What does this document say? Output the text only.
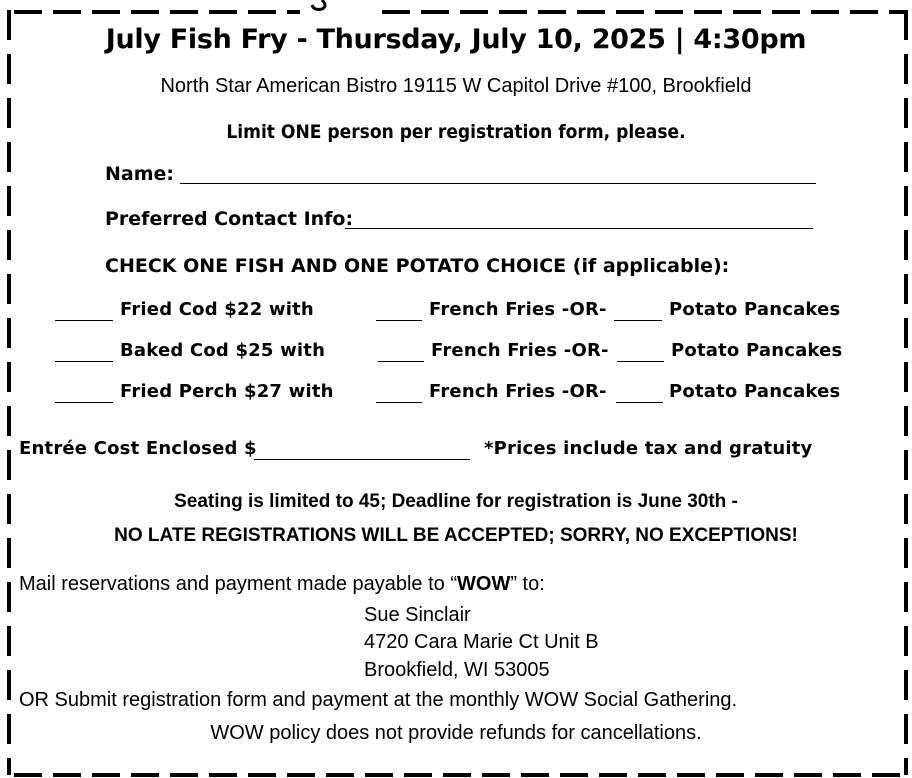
July Fish Fry - Thursday, July 10, 2025 | 4:30pm
North Star American Bistro 19115 W Capitol Drive #100, Brookfield
Limit ONE person per registration form, please.
Name:
Preferred Contact Info:
CHECK ONE FISH AND ONE POTATO CHOICE (if applicable):
Fried Cod $22 with	French Fries -OR-	Potato Pancakes
Baked Cod $25 with	French Fries -OR-	Potato Pancakes
Fried Perch $27 with	French Fries -OR-	Potato Pancakes
Entrée Cost Enclosed $	*Prices include tax and gratuity
Seating is limited to 45; Deadline for registration is June 30th -
NO LATE REGISTRATIONS WILL BE ACCEPTED; SORRY, NO EXCEPTIONS!
Mail reservations and payment made payable to “WOW” to:
Sue Sinclair
4720 Cara Marie Ct Unit B
Brookfield, WI 53005
OR Submit registration form and payment at the monthly WOW Social Gathering.
WOW policy does not provide refunds for cancellations.
